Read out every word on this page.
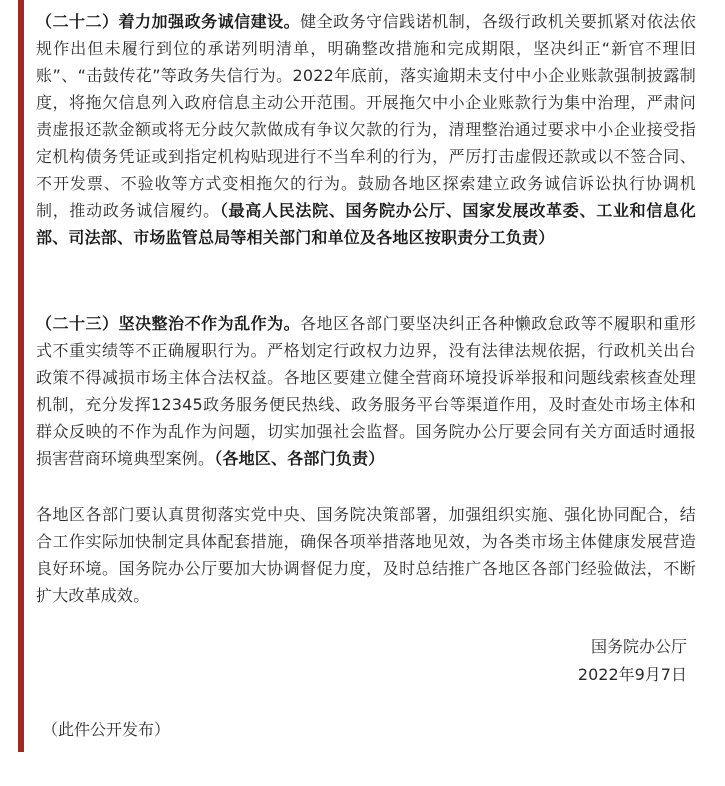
（二十二）着力加强政务诚信建设。健全政务守信践诺机制，各级行政机关要抓紧对依法依规作出但未履行到位的承诺列明清单，明确整改措施和完成期限，坚决纠正“新官不理旧账”、“击鼓传花”等政务失信行为。2022年底前，落实逾期未支付中小企业账款强制披露制度，将拖欠信息列入政府信息主动公开范围。开展拖欠中小企业账款行为集中治理，严肃问责虚报还款金额或将无分歧欠款做成有争议欠款的行为，清理整治通过要求中小企业接受指定机构债务凭证或到指定机构贴现进行不当牟利的行为，严厉打击虚假还款或以不签合同、不开发票、不验收等方式变相拖欠的行为。鼓励各地区探索建立政务诚信诉讼执行协调机制，推动政务诚信履约。（最高人民法院、国务院办公厅、国家发展改革委、工业和信息化部、司法部、市场监管总局等相关部门和单位及各地区按职责分工负责）

（二十三）坚决整治不作为乱作为。各地区各部门要坚决纠正各种懒政怠政等不履职和重形式不重实绩等不正确履职行为。严格划定行政权力边界，没有法律法规依据，行政机关出台政策不得减损市场主体合法权益。各地区要建立健全营商环境投诉举报和问题线索核查处理机制，充分发挥12345政务服务便民热线、政务服务平台等渠道作用，及时查处市场主体和群众反映的不作为乱作为问题，切实加强社会监督。国务院办公厅要会同有关方面适时通报损害营商环境典型案例。（各地区、各部门负责）

各地区各部门要认真贯彻落实党中央、国务院决策部署，加强组织实施、强化协同配合，结合工作实际加快制定具体配套措施，确保各项举措落地见效，为各类市场主体健康发展营造良好环境。国务院办公厅要加大协调督促力度，及时总结推广各地区各部门经验做法，不断扩大改革成效。

国务院办公厅
2022年9月7日
（此件公开发布）
